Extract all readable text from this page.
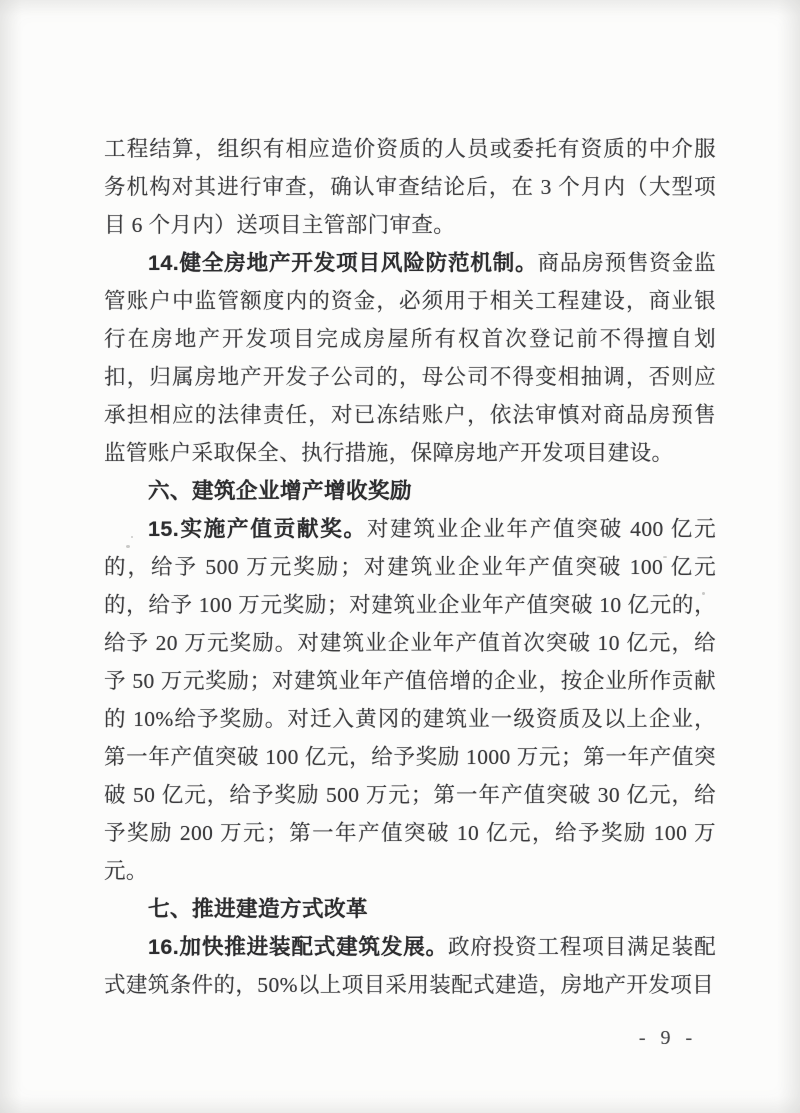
工程结算，组织有相应造价资质的人员或委托有资质的中介服务机构对其进行审查，确认审查结论后，在 3 个月内（大型项目 6 个月内）送项目主管部门审查。

14.健全房地产开发项目风险防范机制。商品房预售资金监管账户中监管额度内的资金，必须用于相关工程建设，商业银行在房地产开发项目完成房屋所有权首次登记前不得擅自划扣，归属房地产开发子公司的，母公司不得变相抽调，否则应承担相应的法律责任，对已冻结账户，依法审慎对商品房预售监管账户采取保全、执行措施，保障房地产开发项目建设。

六、建筑企业增产增收奖励

15.实施产值贡献奖。对建筑业企业年产值突破 400 亿元的，给予 500 万元奖励；对建筑业企业年产值突破 100 亿元的，给予 100 万元奖励；对建筑业企业年产值突破 10 亿元的，给予 20 万元奖励。对建筑业企业年产值首次突破 10 亿元，给予 50 万元奖励；对建筑业年产值倍增的企业，按企业所作贡献的 10%给予奖励。对迁入黄冈的建筑业一级资质及以上企业，第一年产值突破 100 亿元，给予奖励 1000 万元；第一年产值突破 50 亿元，给予奖励 500 万元；第一年产值突破 30 亿元，给予奖励 200 万元；第一年产值突破 10 亿元，给予奖励 100 万元。

七、推进建造方式改革

16.加快推进装配式建筑发展。政府投资工程项目满足装配式建筑条件的，50%以上项目采用装配式建造，房地产开发项目

- 9 -
